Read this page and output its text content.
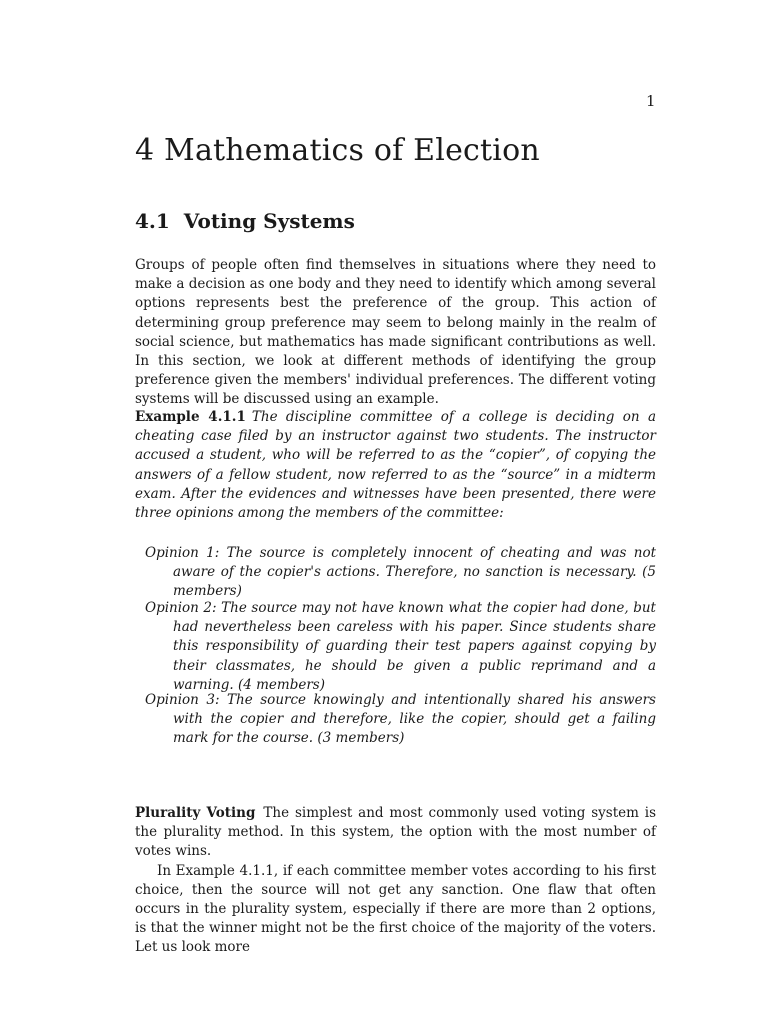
1
4 Mathematics of Election
4.1 Voting Systems

Groups of people often find themselves in situations where they need to make a decision as one body and they need to identify which among several options represents best the preference of the group. This action of determining group preference may seem to belong mainly in the realm of social science, but mathematics has made significant contributions as well. In this section, we look at different methods of identifying the group preference given the members' individual preferences. The different voting systems will be discussed using an example.

Example 4.1.1 The discipline committee of a college is deciding on a cheating case filed by an instructor against two students. The instructor accused a student, who will be referred to as the “copier”, of copying the answers of a fellow student, now referred to as the “source” in a midterm exam. After the evidences and witnesses have been presented, there were three opinions among the members of the committee:

Opinion 1: The source is completely innocent of cheating and was not aware of the copier's actions. Therefore, no sanction is necessary. (5 members)

Opinion 2: The source may not have known what the copier had done, but had nevertheless been careless with his paper. Since students share this responsibility of guarding their test papers against copying by their classmates, he should be given a public reprimand and a warning. (4 members)

Opinion 3: The source knowingly and intentionally shared his answers with the copier and therefore, like the copier, should get a failing mark for the course. (3 members)

Plurality Voting The simplest and most commonly used voting system is the plurality method. In this system, the option with the most number of votes wins.
In Example 4.1.1, if each committee member votes according to his first choice, then the source will not get any sanction. One flaw that often occurs in the plurality system, especially if there are more than 2 options, is that the winner might not be the first choice of the majority of the voters. Let us look more
